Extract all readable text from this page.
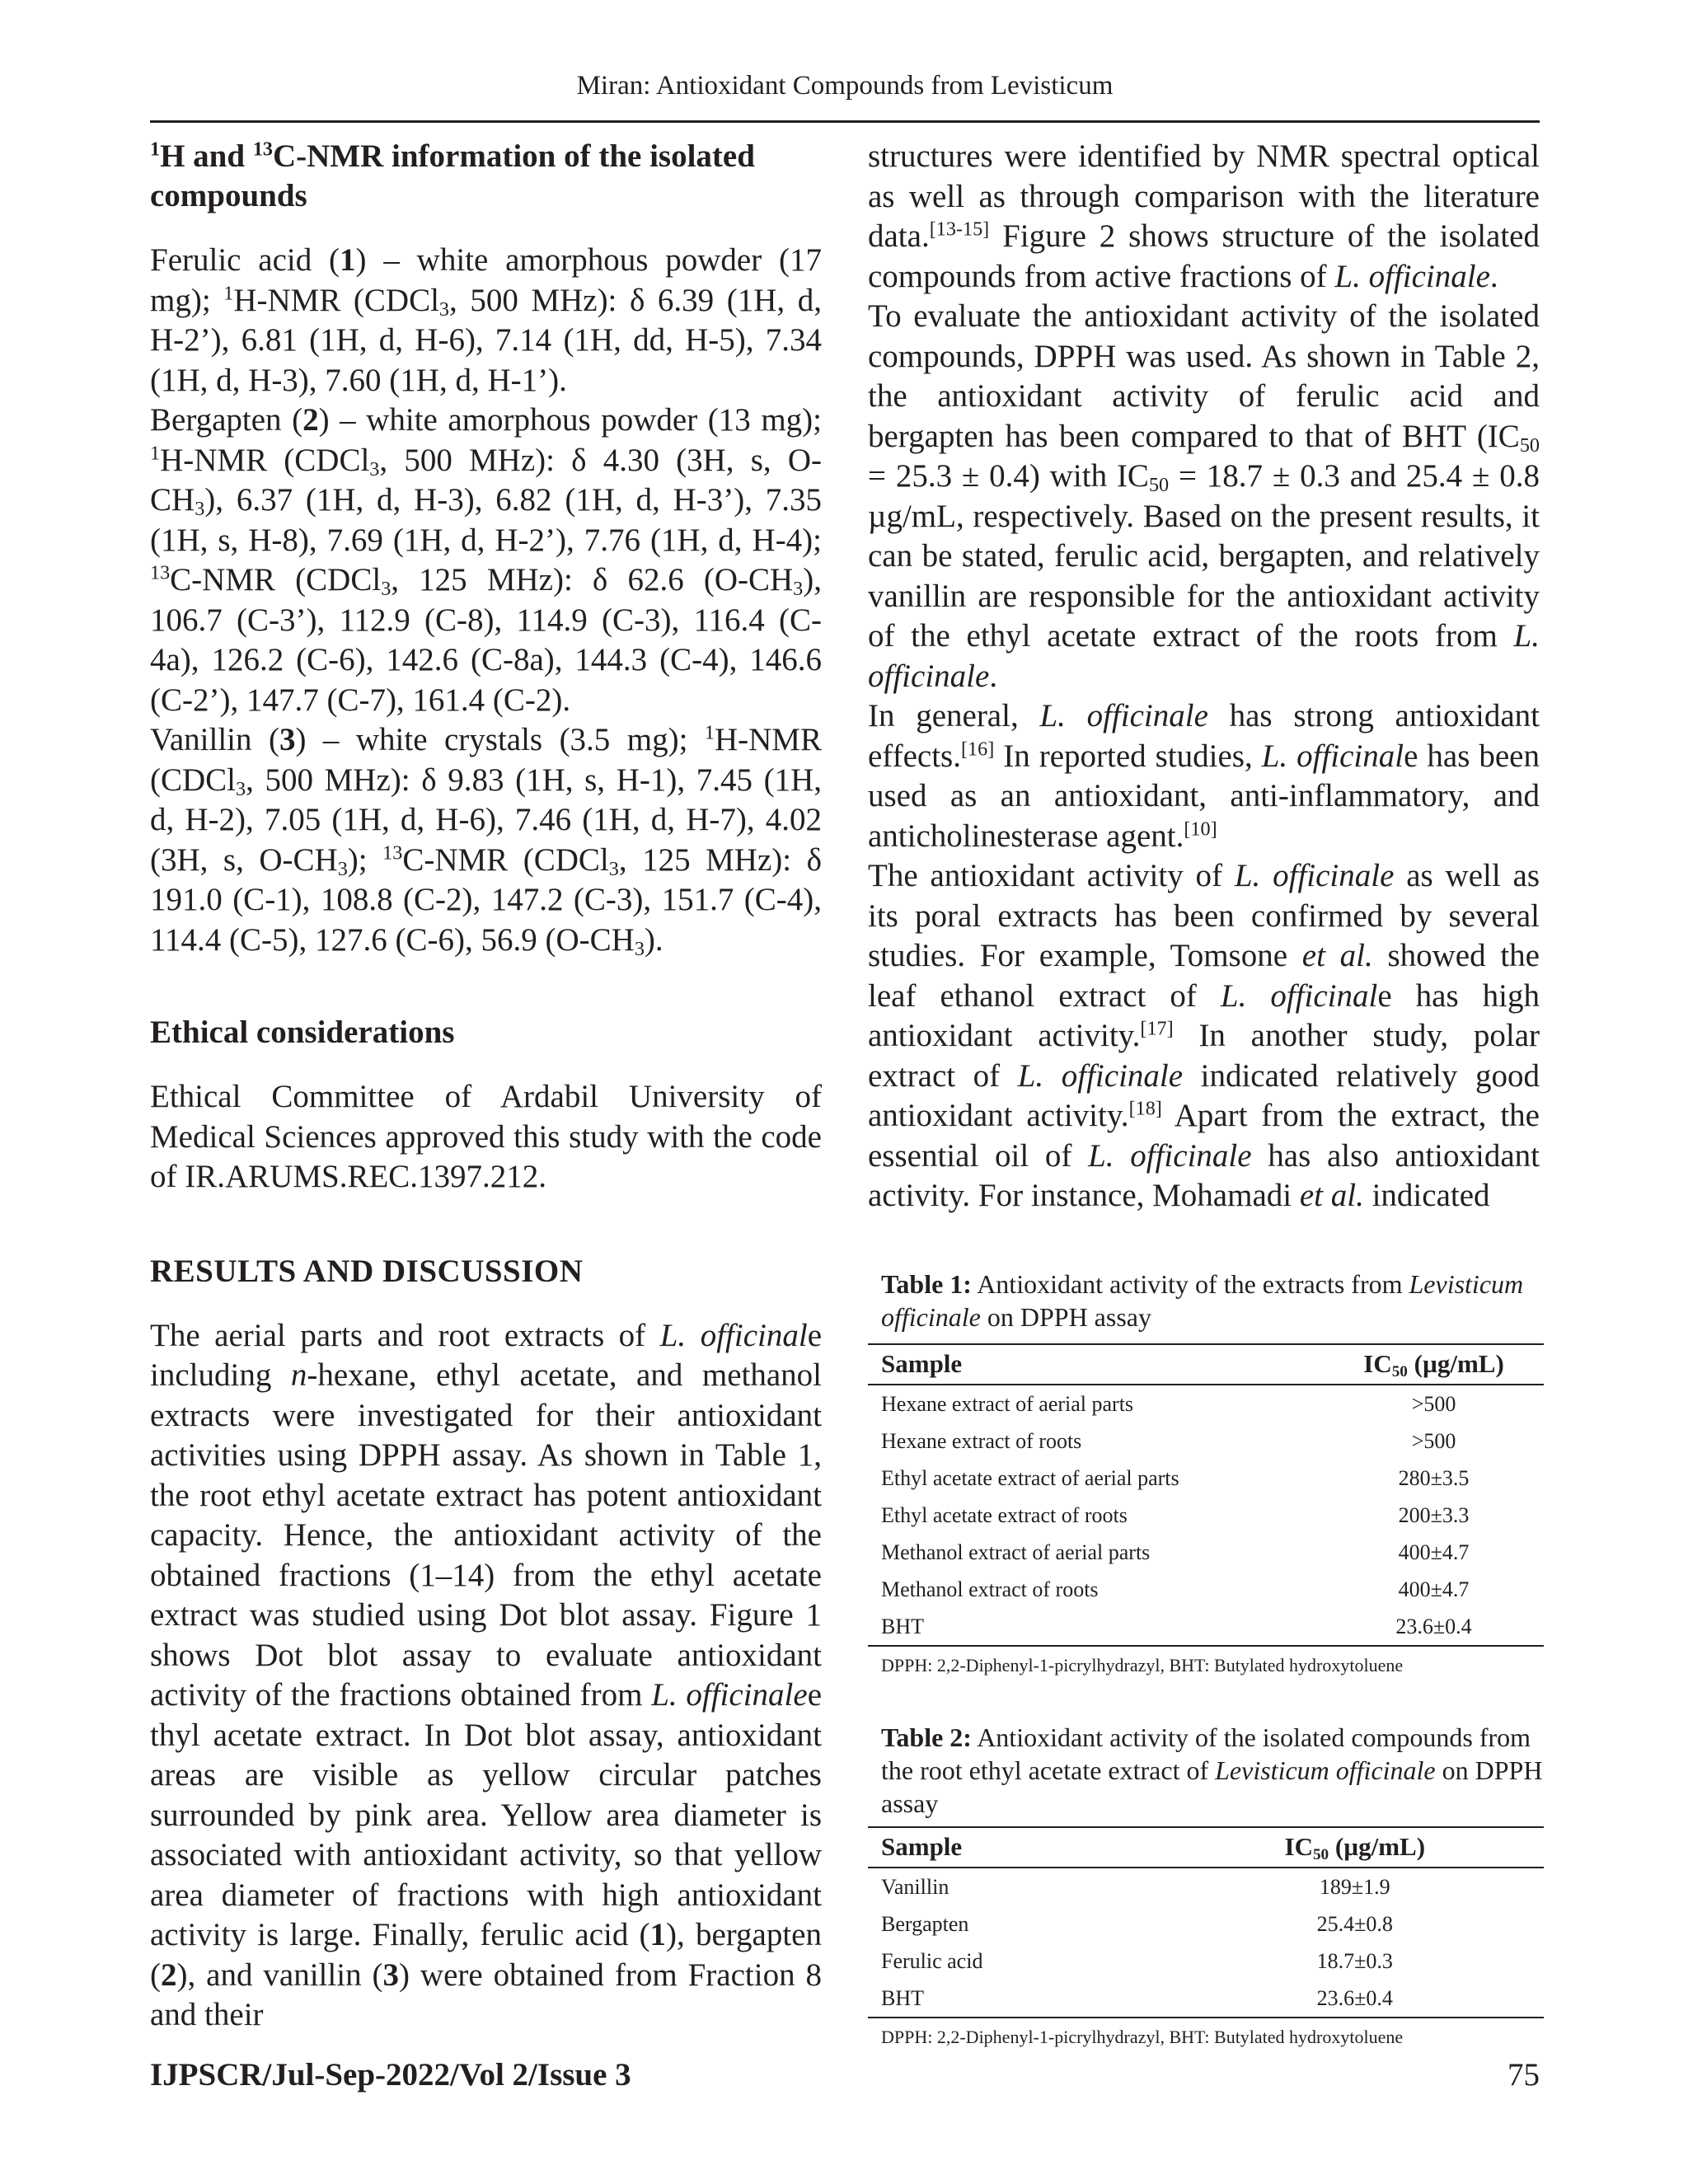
Miran: Antioxidant Compounds from Levisticum
$^1$H and $^{13}$C-NMR information of the isolated compounds

Ferulic acid (1) – white amorphous powder (17 mg); $^1$H-NMR (CDCl$_3$, 500 MHz): δ 6.39 (1H, d, H-2’), 6.81 (1H, d, H-6), 7.14 (1H, dd, H-5), 7.34 (1H, d, H-3), 7.60 (1H, d, H-1’).

Bergapten (2) – white amorphous powder (13 mg); $^1$H-NMR (CDCl$_3$, 500 MHz): δ 4.30 (3H, s, $O-CH_3$), 6.37 (1H, d, H-3), 6.82 (1H, d, H-3’), 7.35 (1H, s, H-8), 7.69 (1H, d, H-2’), 7.76 (1H, d, H-4); $^{13}$C-NMR (CDCl$_3$, 125 MHz): δ 62.6 $(O-CH_3)$, 106.7 (C-3’), 112.9 (C-8), 114.9 (C-3), 116.4 (C-4a), 126.2 (C-6), 142.6 (C-8a), 144.3 (C-4), 146.6 (C-2’), 147.7 (C-7), 161.4 (C-2).

Vanillin (3) – white crystals (3.5 mg); $^1$H-NMR (CDCl$_3$, 500 MHz): δ 9.83 (1H, s, H-1), 7.45 (1H, d, H-2), 7.05 (1H, d, H-6), 7.46 (1H, d, H-7), 4.02 (3H, s, $O-CH_3$); $^{13}$C-NMR (CDCl$_3$, 125 MHz): δ 191.0 (C-1), 108.8 (C-2), 147.2 (C-3), 151.7 (C-4), 114.4 (C-5), 127.6 (C-6), 56.9 $(O-CH_3)$.

Ethical considerations

Ethical Committee of Ardabil University of Medical Sciences approved this study with the code of IR.ARUMS.REC.1397.212.

RESULTS AND DISCUSSION

The aerial parts and root extracts of L. officinale including n-hexane, ethyl acetate, and methanol extracts were investigated for their antioxidant activities using DPPH assay. As shown in Table 1, the root ethyl acetate extract has potent antioxidant capacity. Hence, the antioxidant activity of the obtained fractions (1–14) from the ethyl acetate extract was studied using Dot blot assay. Figure 1 shows Dot blot assay to evaluate antioxidant activity of the fractions obtained from L. officinalee thyl acetate extract. In Dot blot assay, antioxidant areas are visible as yellow circular patches surrounded by pink area. Yellow area diameter is associated with antioxidant activity, so that yellow area diameter of fractions with high antioxidant activity is large. Finally, ferulic acid (1), bergapten (2), and vanillin (3) were obtained from Fraction 8 and their

structures were identified by NMR spectral optical as well as through comparison with the literature data.[13-15] Figure 2 shows structure of the isolated compounds from active fractions of L. officinale.

To evaluate the antioxidant activity of the isolated compounds, DPPH was used. As shown in Table 2, the antioxidant activity of ferulic acid and bergapten has been compared to that of BHT $(IC_{50} = 25.3 \pm 0.4)$ with $IC_{50} = 18.7 \pm 0.3$ and 25.4 ± 0.8 µg/mL, respectively. Based on the present results, it can be stated, ferulic acid, bergapten, and relatively vanillin are responsible for the antioxidant activity of the ethyl acetate extract of the roots from L. officinale.

In general, L. officinale has strong antioxidant effects.[16] In reported studies, L. officinale has been used as an antioxidant, anti-inflammatory, and anticholinesterase agent.[10]

The antioxidant activity of L. officinale as well as its poral extracts has been confirmed by several studies. For example, Tomsone et al. showed the leaf ethanol extract of L. officinale has high antioxidant activity.[17] In another study, polar extract of L. officinale indicated relatively good antioxidant activity.[18] Apart from the extract, the essential oil of L. officinale has also antioxidant activity. For instance, Mohamadi et al. indicated

Table 1: Antioxidant activity of the extracts from Levisticum officinale on DPPH assay
Sample	$IC_{50}$ (µg/mL)
Hexane extract of aerial parts	>500
Hexane extract of roots	>500
Ethyl acetate extract of aerial parts	280±3.5
Ethyl acetate extract of roots	200±3.3
Methanol extract of aerial parts	400±4.7
Methanol extract of roots	400±4.7
BHT	23.6±0.4
DPPH: 2,2-Diphenyl-1-picrylhydrazyl, BHT: Butylated hydroxytoluene
Table 2: Antioxidant activity of the isolated compounds from the root ethyl acetate extract of Levisticum officinale on DPPH assay
Sample	$IC_{50}$ (µg/mL)
Vanillin	189±1.9
Bergapten	25.4±0.8
Ferulic acid	18.7±0.3
BHT	23.6±0.4
DPPH: 2,2-Diphenyl-1-picrylhydrazyl, BHT: Butylated hydroxytoluene
IJPSCR/Jul-Sep-2022/Vol 2/Issue 3	75
